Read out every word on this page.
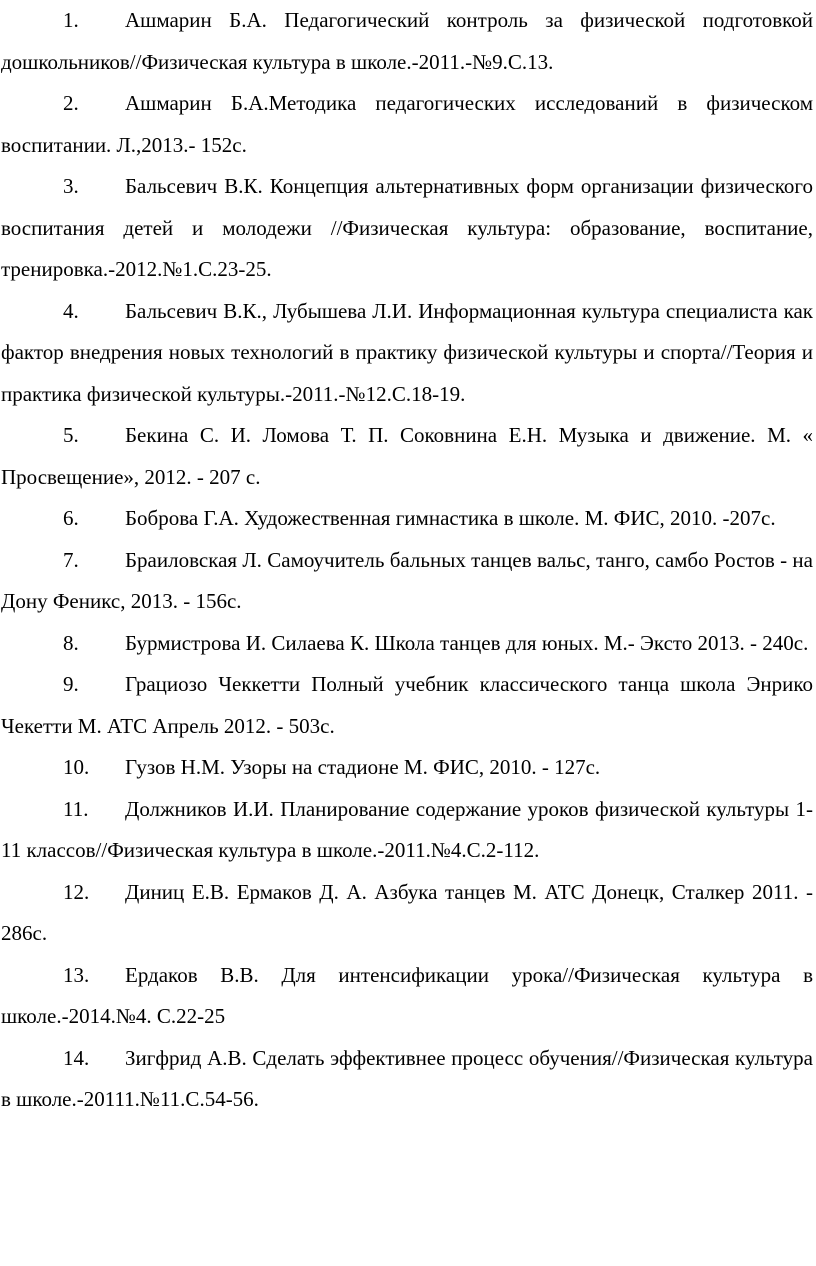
1. Ашмарин Б.А. Педагогический контроль за физической подготовкой дошкольников//Физическая культура в школе.-2011.-№9.С.13.
2. Ашмарин Б.А.Методика педагогических исследований в физическом воспитании. Л.,2013.- 152с.
3. Бальсевич В.К. Концепция альтернативных форм организации физического воспитания детей и молодежи //Физическая культура: образование, воспитание, тренировка.-2012.№1.С.23-25.
4. Бальсевич В.К., Лубышева Л.И. Информационная культура специалиста как фактор внедрения новых технологий в практику физической культуры и спорта//Теория и практика физической культуры.-2011.-№12.С.18-19.
5. Бекина С. И. Ломова Т. П. Соковнина Е.Н. Музыка и движение. М. « Просвещение», 2012. - 207 с.
6. Боброва Г.А. Художественная гимнастика в школе. М. ФИС, 2010. -207с.
7. Браиловская Л. Самоучитель бальных танцев вальс, танго, самбо Ростов - на Дону Феникс, 2013. - 156с.
8. Бурмистрова И. Силаева К. Школа танцев для юных. М.- Эксто 2013. - 240с.
9. Грациозо Чеккетти Полный учебник классического танца школа Энрико Чекетти М. АТС Апрель 2012. - 503с.
10. Гузов Н.М. Узоры на стадионе М. ФИС, 2010. - 127с.
11. Должников И.И. Планирование содержание уроков физической культуры 1-11 классов//Физическая культура в школе.-2011.№4.С.2-112.
12. Диниц Е.В. Ермаков Д. А. Азбука танцев М. АТС Донецк, Сталкер 2011. - 286с.
13. Ердаков В.В. Для интенсификации урока//Физическая культура в школе.-2014.№4. С.22-25
14. Зигфрид А.В. Сделать эффективнее процесс обучения//Физическая культура в школе.-20111.№11.С.54-56.
